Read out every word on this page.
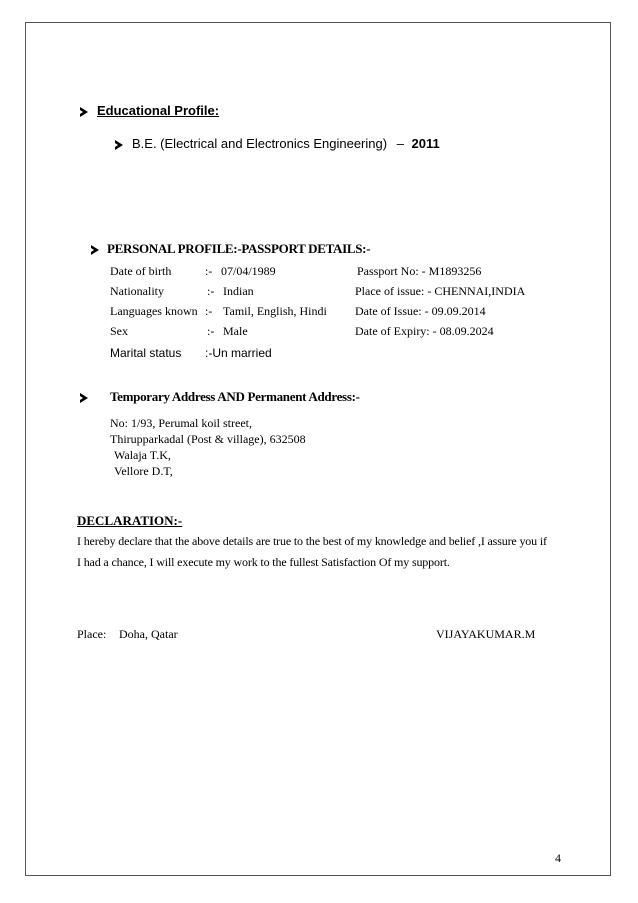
Educational Profile:
B.E. (Electrical and Electronics Engineering) – 2011
PERSONAL PROFILE:-PASSPORT DETAILS:-
Date of birth	:- 07/04/1989	Passport No: - M1893256
Nationality	:- Indian	Place of issue: - CHENNAI,INDIA
Languages known :- Tamil, English, Hindi Date of Issue: - 09.09.2014
Sex	:- Male	Date of Expiry: - 08.09.2024
Marital status :-Un married
Temporary Address AND Permanent Address:-
No: 1/93, Perumal koil street,
Thirupparkadal (Post & village), 632508
Walaja T.K,
Vellore D.T,
DECLARATION:-
I hereby declare that the above details are true to the best of my knowledge and belief ,I assure you if
I had a chance, I will execute my work to the fullest Satisfaction Of my support.
Place: Doha, Qatar	VIJAYAKUMAR.M
4
